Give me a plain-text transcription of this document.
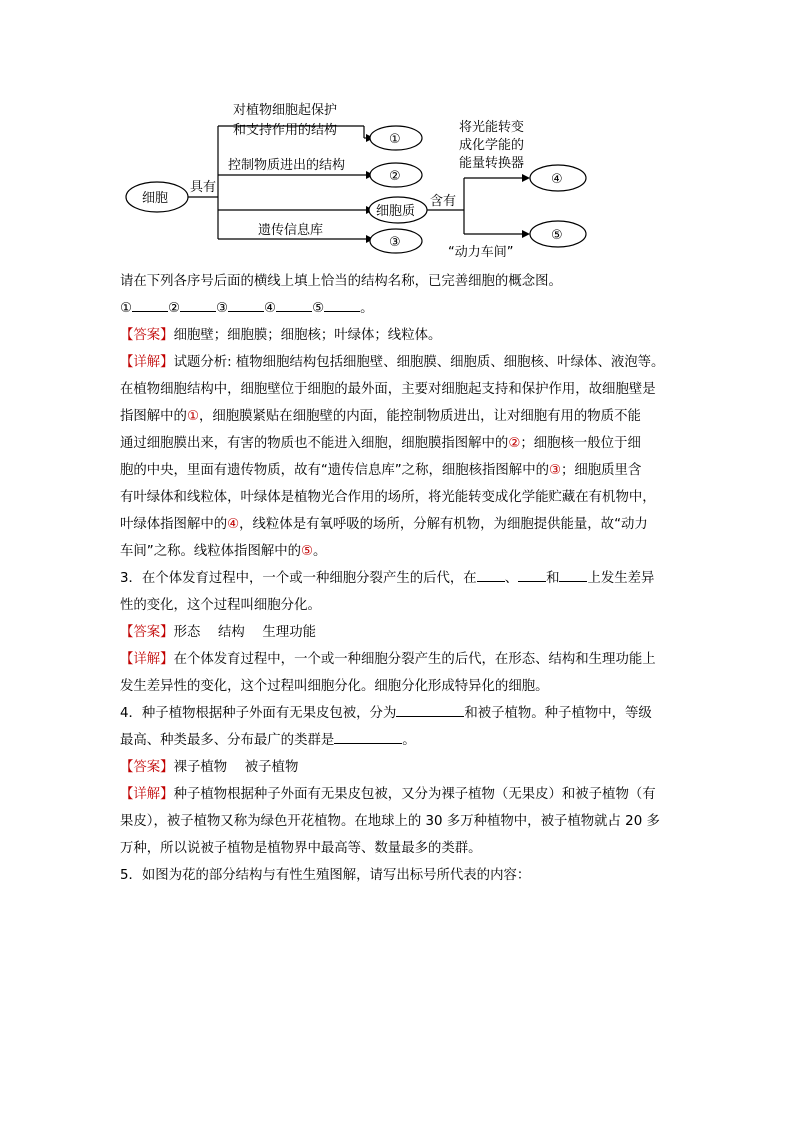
细胞
具有
对植物细胞起保护
和支持作用的结构
控制物质进出的结构
遗传信息库
①
②
细胞质
③
含有
将光能转变
成化学能的
能量转换器
④
⑤
“动力车间”
请在下列各序号后面的横线上填上恰当的结构名称，已完善细胞的概念图。
①	②	③	④	⑤	。
【答案】细胞壁；细胞膜；细胞核；叶绿体；线粒体。
【详解】试题分析: 植物细胞结构包括细胞壁、细胞膜、细胞质、细胞核、叶绿体、液泡等。
在植物细胞结构中，细胞壁位于细胞的最外面，主要对细胞起支持和保护作用，故细胞壁是
指图解中的①，细胞膜紧贴在细胞壁的内面，能控制物质进出，让对细胞有用的物质不能
通过细胞膜出来，有害的物质也不能进入细胞，细胞膜指图解中的②；细胞核一般位于细
胞的中央，里面有遗传物质，故有“遗传信息库”之称，细胞核指图解中的③；细胞质里含
有叶绿体和线粒体，叶绿体是植物光合作用的场所，将光能转变成化学能贮藏在有机物中，
叶绿体指图解中的④，线粒体是有氧呼吸的场所，分解有机物，为细胞提供能量，故“动力
车间”之称。线粒体指图解中的⑤。
3．在个体发育过程中，一个或一种细胞分裂产生的后代，在 、 和 上发生差异
性的变化，这个过程叫细胞分化。
【答案】形态　 结构　 生理功能
【详解】在个体发育过程中，一个或一种细胞分裂产生的后代，在形态、结构和生理功能上
发生差异性的变化，这个过程叫细胞分化。细胞分化形成特异化的细胞。
4．种子植物根据种子外面有无果皮包被，分为	和被子植物。种子植物中，等级
最高、种类最多、分布最广的类群是	。
【答案】裸子植物　 被子植物
【详解】种子植物根据种子外面有无果皮包被，又分为裸子植物（无果皮）和被子植物（有
果皮），被子植物又称为绿色开花植物。在地球上的 30 多万种植物中，被子植物就占 20 多
万种，所以说被子植物是植物界中最高等、数量最多的类群。
5．如图为花的部分结构与有性生殖图解，请写出标号所代表的内容：
